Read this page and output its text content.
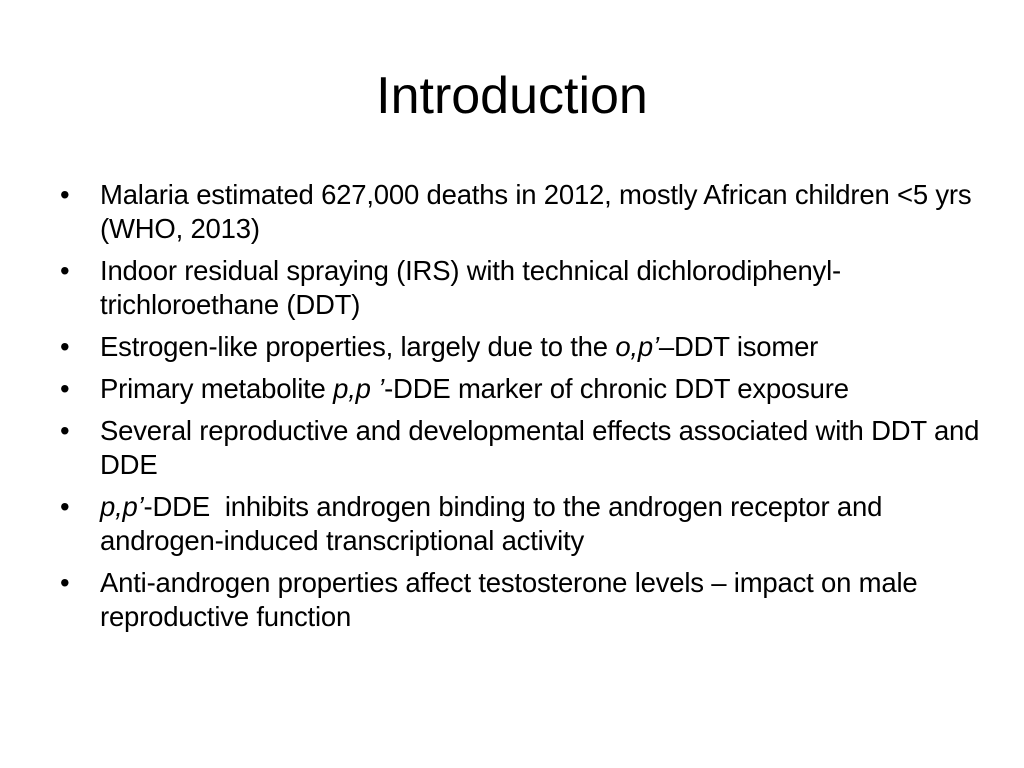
Introduction
•	Malaria estimated 627,000 deaths in 2012, mostly African children <5 yrs (WHO, 2013)
•	Indoor residual spraying (IRS) with technical dichlorodiphenyl-trichloroethane (DDT)
•	Estrogen-like properties, largely due to the o,p’–DDT isomer
•	Primary metabolite p,p ’-DDE marker of chronic DDT exposure
•	Several reproductive and developmental effects associated with DDT and DDE
•	p,p’-DDE  inhibits androgen binding to the androgen receptor and androgen-induced transcriptional activity
•	Anti-androgen properties affect testosterone levels – impact on male reproductive function
